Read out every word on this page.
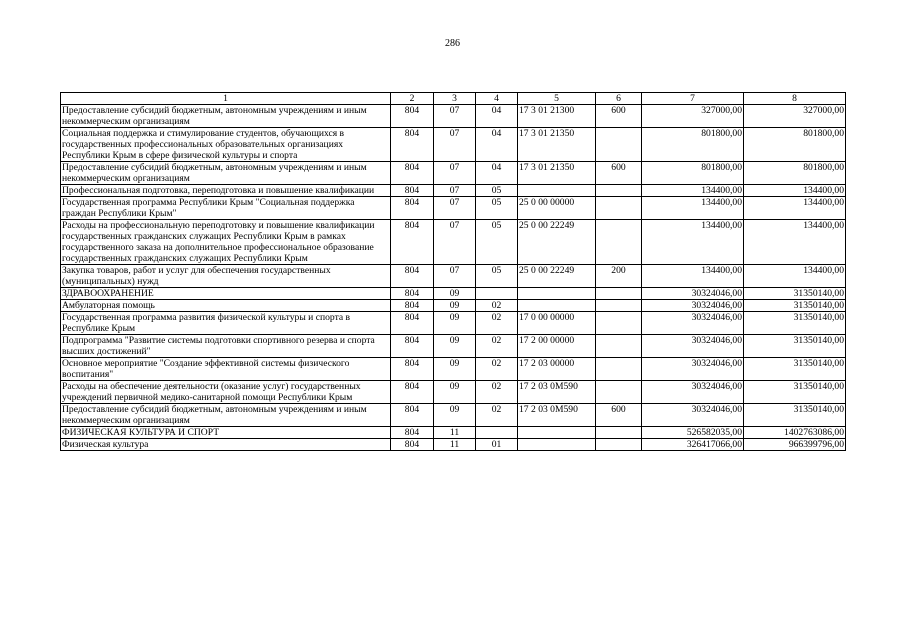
286
1	2	3	4	5	6	7	8
Предоставление субсидий бюджетным, автономным учреждениям и иным некоммерческим организациям	804	07	04	17 3 01 21300	600	327000,00	327000,00
Социальная поддержка и стимулирование студентов, обучающихся в государственных профессиональных образовательных организациях Республики Крым в сфере физической культуры и спорта	804	07	04	17 3 01 21350		801800,00	801800,00
Предоставление субсидий бюджетным, автономным учреждениям и иным некоммерческим организациям	804	07	04	17 3 01 21350	600	801800,00	801800,00
Профессиональная подготовка, переподготовка и повышение квалификации	804	07	05			134400,00	134400,00
Государственная программа Республики Крым "Социальная поддержка граждан Республики Крым"	804	07	05	25 0 00 00000		134400,00	134400,00
Расходы на профессиональную переподготовку и повышение квалификации государственных гражданских служащих Республики Крым в рамках государственного заказа на дополнительное профессиональное образование государственных гражданских служащих Республики Крым	804	07	05	25 0 00 22249		134400,00	134400,00
Закупка товаров, работ и услуг для обеспечения государственных (муниципальных) нужд	804	07	05	25 0 00 22249	200	134400,00	134400,00
ЗДРАВООХРАНЕНИЕ	804	09				30324046,00	31350140,00
Амбулаторная помощь	804	09	02			30324046,00	31350140,00
Государственная программа развития физической культуры и спорта в Республике Крым	804	09	02	17 0 00 00000		30324046,00	31350140,00
Подпрограмма "Развитие системы подготовки спортивного резерва и спорта высших достижений"	804	09	02	17 2 00 00000		30324046,00	31350140,00
Основное мероприятие "Создание эффективной системы физического воспитания"	804	09	02	17 2 03 00000		30324046,00	31350140,00
Расходы на обеспечение деятельности (оказание услуг) государственных учреждений первичной медико-санитарной помощи Республики Крым	804	09	02	17 2 03 0М590		30324046,00	31350140,00
Предоставление субсидий бюджетным, автономным учреждениям и иным некоммерческим организациям	804	09	02	17 2 03 0М590	600	30324046,00	31350140,00
ФИЗИЧЕСКАЯ КУЛЬТУРА И СПОРТ	804	11				526582035,00	1402763086,00
Физическая культура	804	11	01			326417066,00	966399796,00
